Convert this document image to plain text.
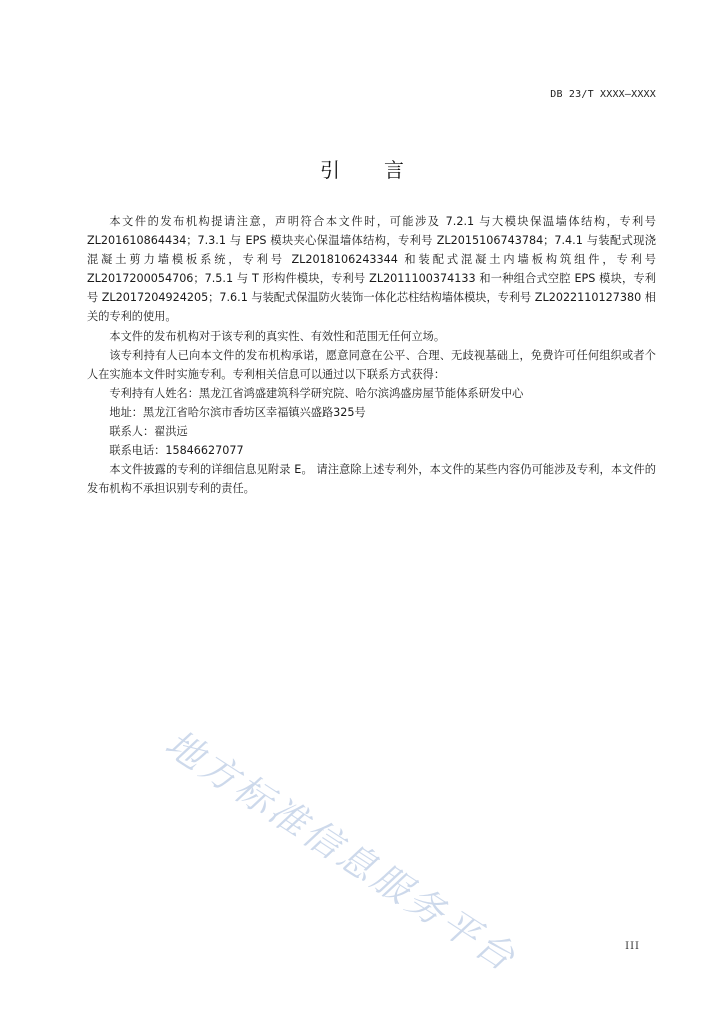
DB 23/T XXXX—XXXX
引言

本文件的发布机构提请注意，声明符合本文件时，可能涉及 7.2.1 与大模块保温墙体结构，专利号 ZL201610864434；7.3.1 与 EPS 模块夹心保温墙体结构，专利号 ZL2015106743784；7.4.1 与装配式现浇混凝土剪力墙模板系统，专利号 ZL2018106243344 和装配式混凝土内墙板构筑组件，专利号 ZL2017200054706；7.5.1 与 T 形构件模块，专利号 ZL2011100374133 和一种组合式空腔 EPS 模块，专利号 ZL2017204924205；7.6.1 与装配式保温防火装饰一体化芯柱结构墙体模块，专利号 ZL2022110127380 相关的专利的使用。

本文件的发布机构对于该专利的真实性、有效性和范围无任何立场。

该专利持有人已向本文件的发布机构承诺，愿意同意在公平、合理、无歧视基础上，免费许可任何组织或者个人在实施本文件时实施专利。专利相关信息可以通过以下联系方式获得：

专利持有人姓名：黑龙江省鸿盛建筑科学研究院、哈尔滨鸿盛房屋节能体系研发中心

地址：黑龙江省哈尔滨市香坊区幸福镇兴盛路325号

联系人：翟洪远

联系电话：15846627077

本文件披露的专利的详细信息见附录 E。 请注意除上述专利外，本文件的某些内容仍可能涉及专利，本文件的发布机构不承担识别专利的责任。

地方标准信息服务平台	III
